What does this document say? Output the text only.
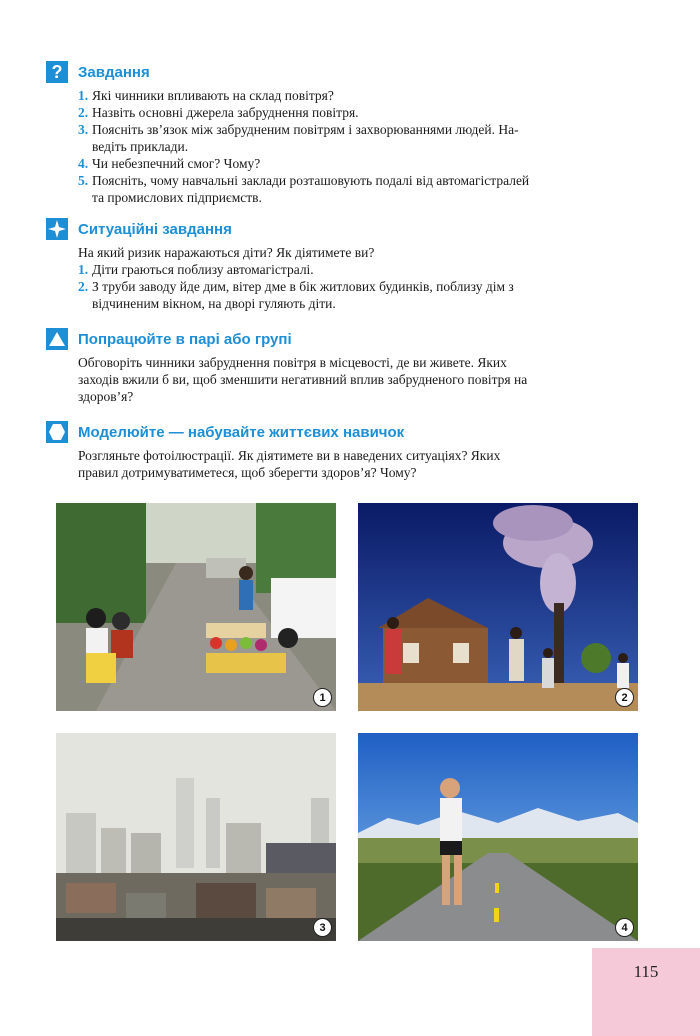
?	Завдання
1. Які чинники впливають на склад повітря?
2. Назвіть основні джерела забруднення повітря.
3. Поясніть зв’язок між забрудненим повітрям і захворюваннями людей. На-
ведіть приклади.
4. Чи небезпечний смог? Чому?
5. Поясніть, чому навчальні заклади розташовують подалі від автомагістралей
та промислових підприємств.
Ситуаційні завдання
На який ризик наражаються діти? Як діятимете ви?
1. Діти граються поблизу автомагістралі.
2. З труби заводу йде дим, вітер дме в бік житлових будинків, поблизу дім з
відчиненим вікном, на дворі гуляють діти.
Попрацюйте в парі або групі
Обговоріть чинники забруднення повітря в місцевості, де ви живете. Яких
заходів вжили б ви, щоб зменшити негативний вплив забрудненого повітря на
здоров’я?
Моделюйте — набувайте життєвих навичок
Розгляньте фотоілюстрації. Як діятимете ви в наведених ситуаціях? Яких
правил дотримуватиметеся, щоб зберегти здоров’я? Чому?
1	2
3	4
115
